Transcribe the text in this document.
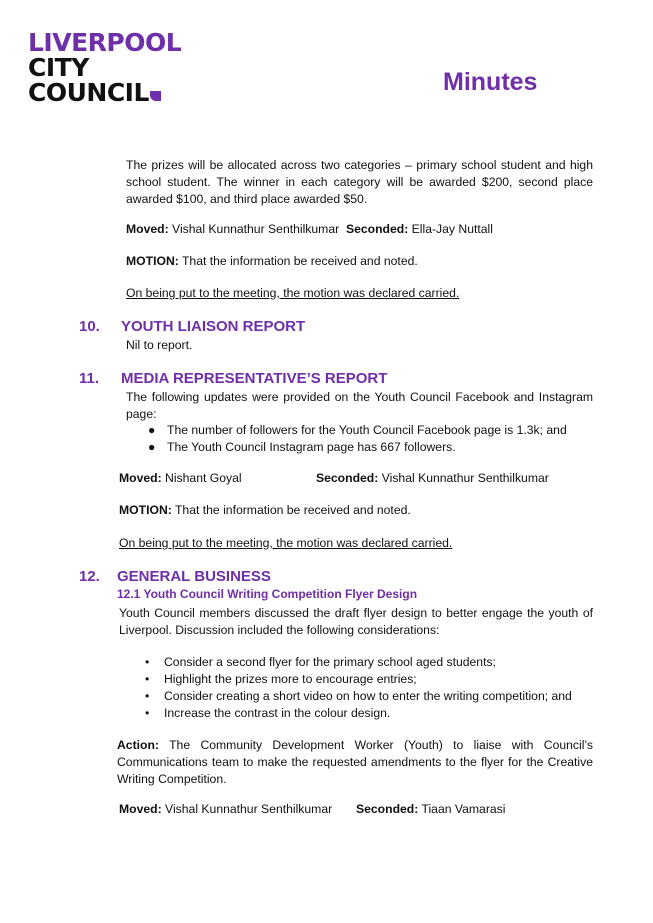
LIVERPOOL
CITY
COUNCIL	Minutes

The prizes will be allocated across two categories – primary school student and high school student. The winner in each category will be awarded $200, second place awarded $100, and third place awarded $50.

Moved: Vishal Kunnathur Senthilkumar Seconded: Ella-Jay Nuttall

MOTION: That the information be received and noted.

On being put to the meeting, the motion was declared carried.

10. YOUTH LIAISON REPORT

Nil to report.

11. MEDIA REPRESENTATIVE’S REPORT

The following updates were provided on the Youth Council Facebook and Instagram page:

● The number of followers for the Youth Council Facebook page is 1.3k; and
● The Youth Council Instagram page has 667 followers.

Moved: Nishant Goyal	Seconded: Vishal Kunnathur Senthilkumar

MOTION: That the information be received and noted.

On being put to the meeting, the motion was declared carried.

12. GENERAL BUSINESS
12.1 Youth Council Writing Competition Flyer Design

Youth Council members discussed the draft flyer design to better engage the youth of Liverpool. Discussion included the following considerations:

• Consider a second flyer for the primary school aged students;
• Highlight the prizes more to encourage entries;
• Consider creating a short video on how to enter the writing competition; and
• Increase the contrast in the colour design.

Action: The Community Development Worker (Youth) to liaise with Council’s Communications team to make the requested amendments to the flyer for the Creative Writing Competition.

Moved: Vishal Kunnathur Senthilkumar Seconded: Tiaan Vamarasi
